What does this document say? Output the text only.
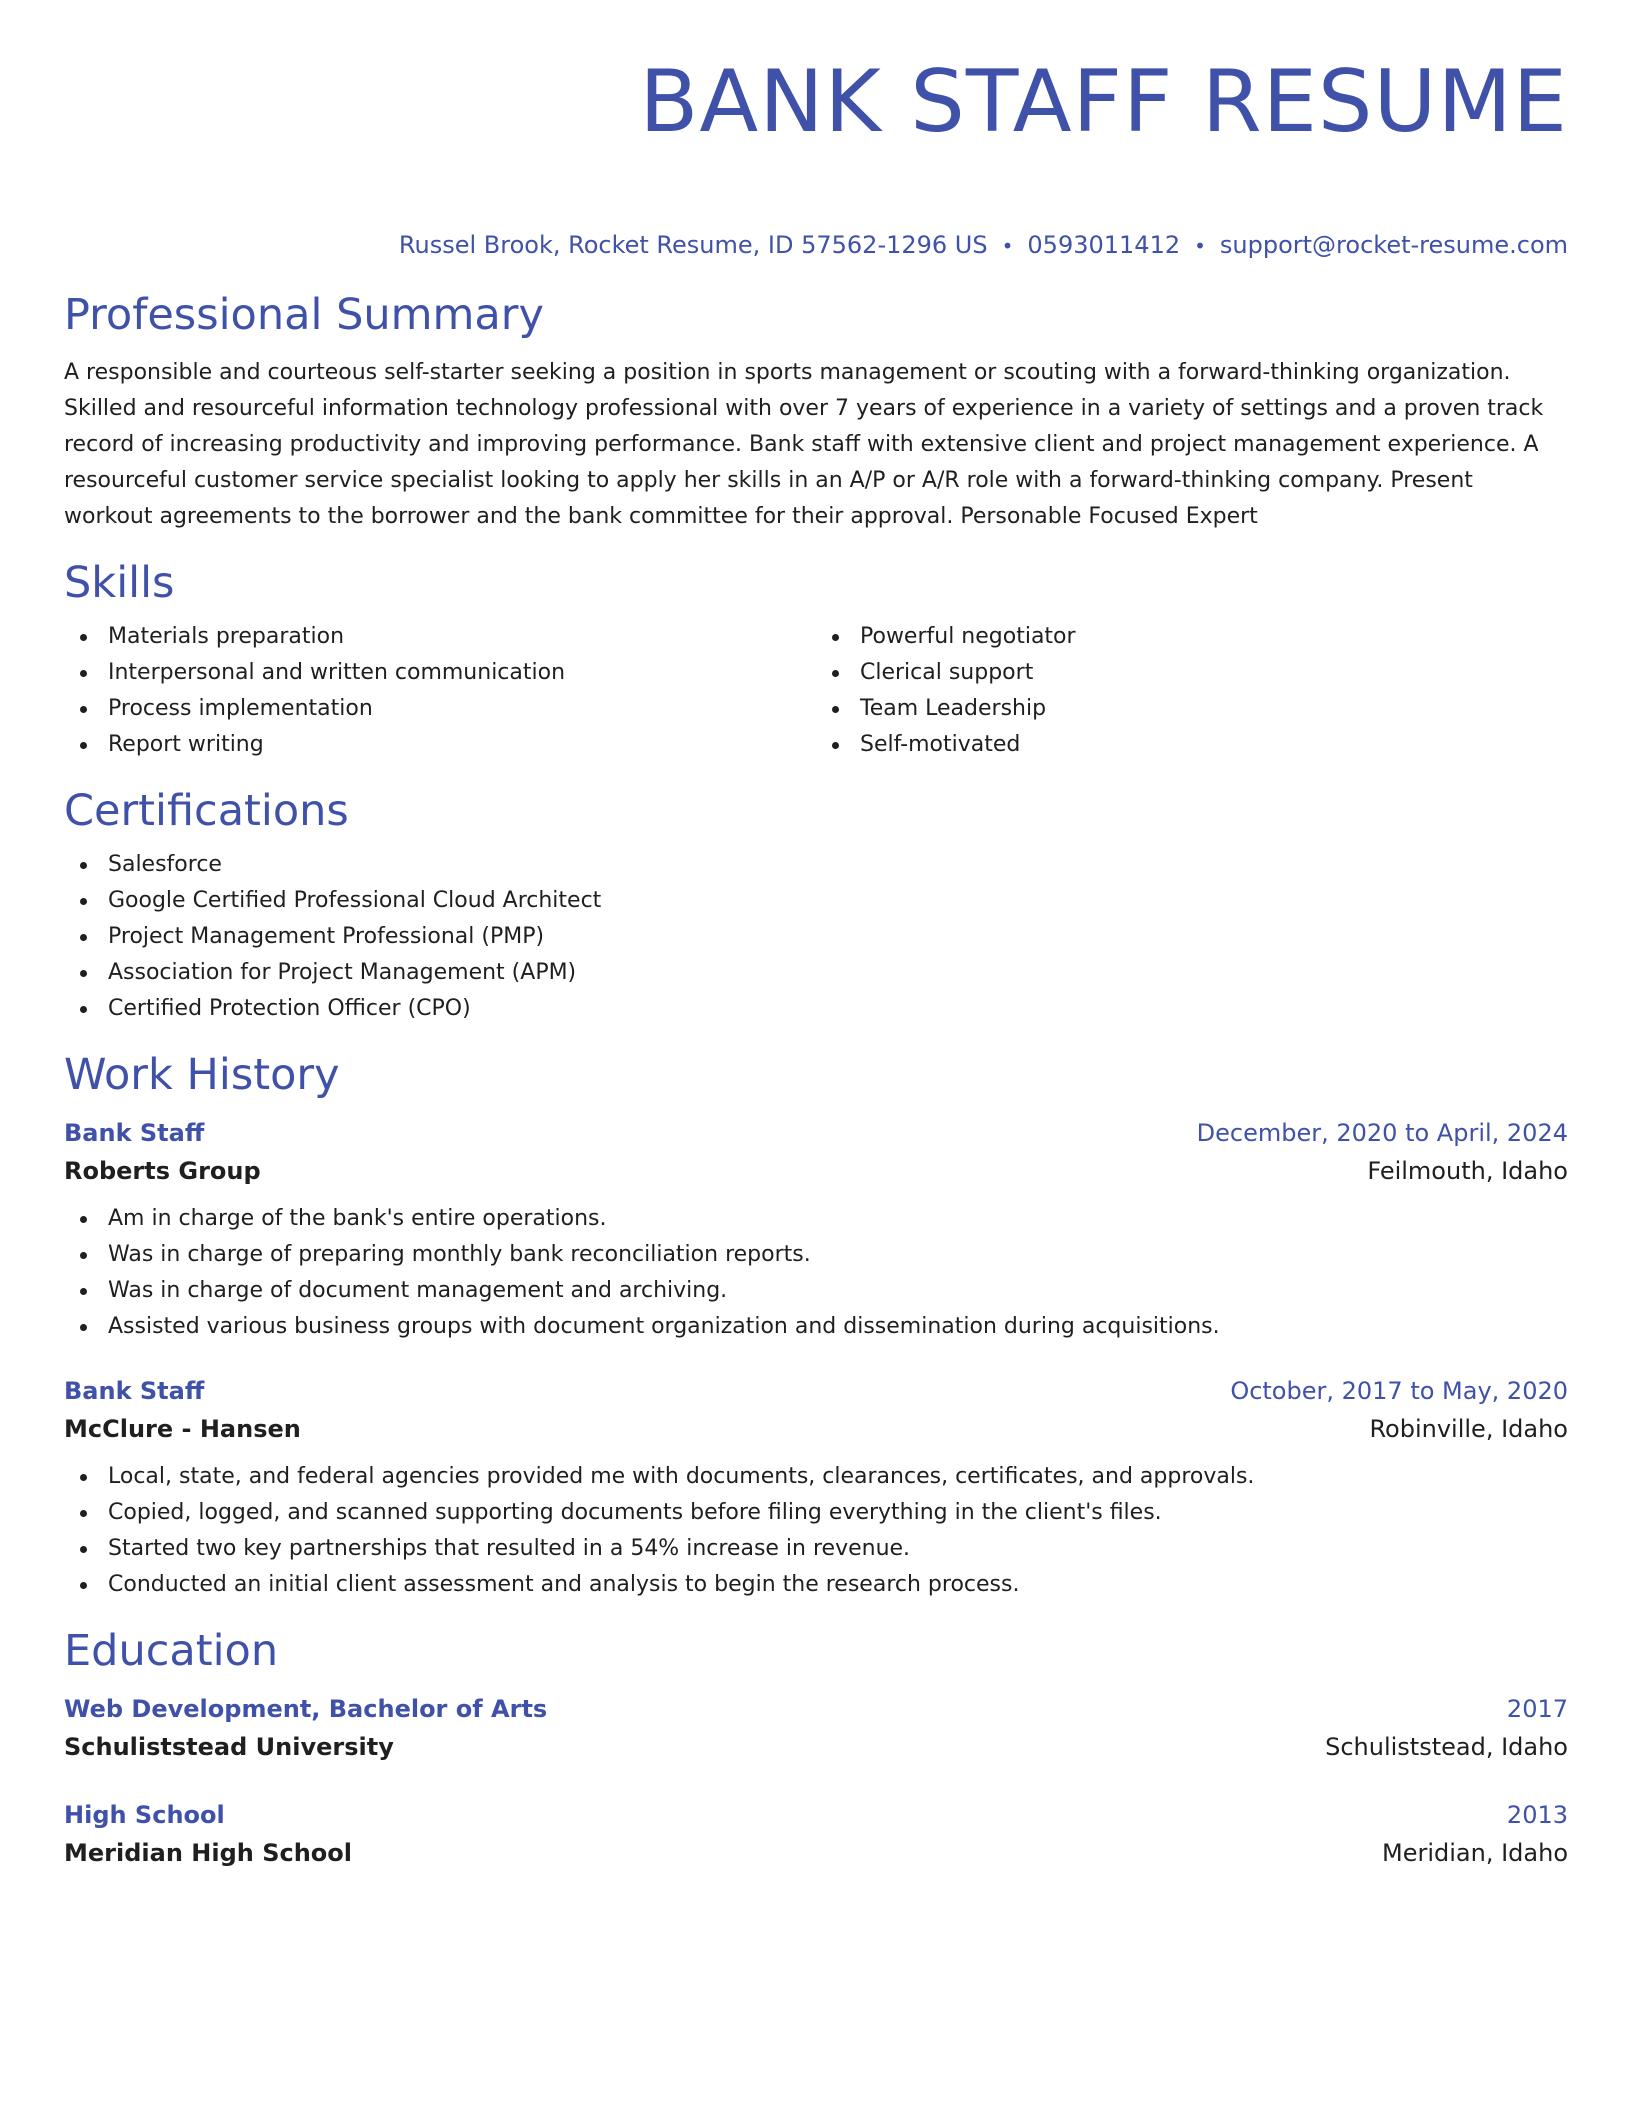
BANK STAFF RESUME
Russel Brook, Rocket Resume, ID 57562-1296 US • 0593011412 • support@rocket-resume.com
Professional Summary

A responsible and courteous self-starter seeking a position in sports management or scouting with a forward-thinking organization. Skilled and resourceful information technology professional with over 7 years of experience in a variety of settings and a proven track record of increasing productivity and improving performance. Bank staff with extensive client and project management experience. A resourceful customer service specialist looking to apply her skills in an A/P or A/R role with a forward-thinking company. Present workout agreements to the borrower and the bank committee for their approval. Personable Focused Expert

Skills
Materials preparation
Interpersonal and written communication
Process implementation
Report writing
Powerful negotiator
Clerical support
Team Leadership
Self-motivated
Certifications
Salesforce
Google Certified Professional Cloud Architect
Project Management Professional (PMP)
Association for Project Management (APM)
Certified Protection Officer (CPO)
Work History
Bank Staff	December, 2020 to April, 2024
Roberts Group	Feilmouth, Idaho
Am in charge of the bank's entire operations.
Was in charge of preparing monthly bank reconciliation reports.
Was in charge of document management and archiving.
Assisted various business groups with document organization and dissemination during acquisitions.
Bank Staff	October, 2017 to May, 2020
McClure - Hansen	Robinville, Idaho
Local, state, and federal agencies provided me with documents, clearances, certificates, and approvals.
Copied, logged, and scanned supporting documents before filing everything in the client's files.
Started two key partnerships that resulted in a 54% increase in revenue.
Conducted an initial client assessment and analysis to begin the research process.
Education
Web Development, Bachelor of Arts	2017
Schuliststead University	Schuliststead, Idaho
High School	2013
Meridian High School	Meridian, Idaho
